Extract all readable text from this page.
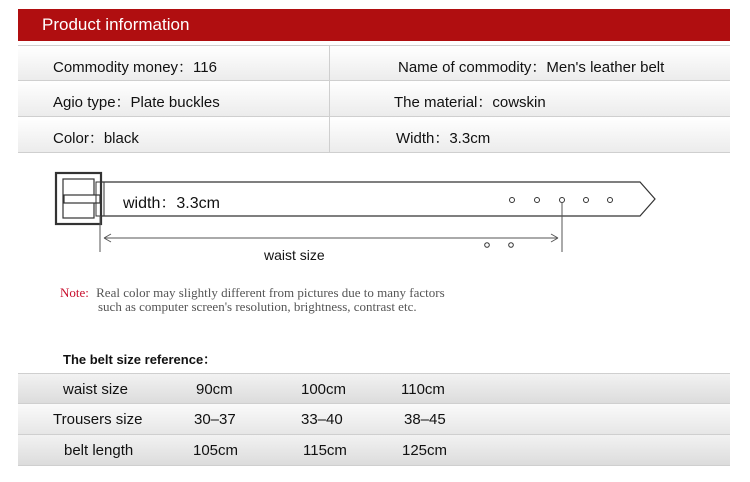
Product information
Commodity money：116	Name of commodity：Men's leather belt
Agio type：Plate buckles	The material：cowskin
Color：black	Width：3.3cm
width：3.3cm
waist size
Note: Real color may slightly different from pictures due to many factors
such as computer screen's resolution, brightness, contrast etc.
The belt size reference：
waist size	90cm	100cm	110cm
Trousers size	30–37	33–40	38–45
belt length	105cm	115cm	125cm
